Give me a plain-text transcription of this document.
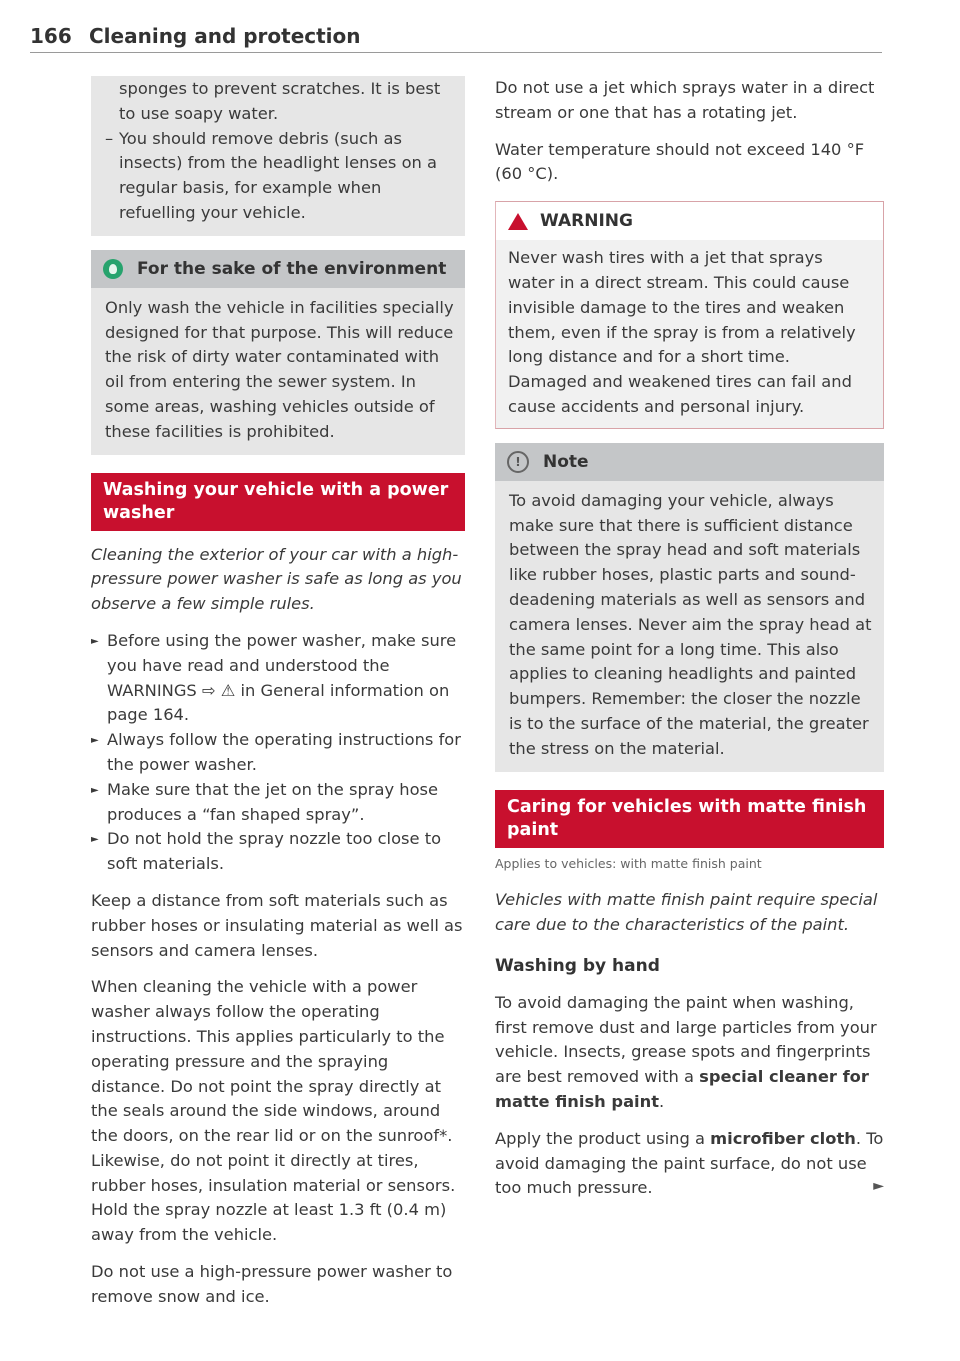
166 Cleaning and protection

sponges to prevent scratches. It is best to use soapy water.

– You should remove debris (such as insects) from the headlight lenses on a regular basis, for example when refuelling your vehicle.

For the sake of the environment

Only wash the vehicle in facilities specially designed for that purpose. This will reduce the risk of dirty water contaminated with oil from entering the sewer system. In some areas, washing vehicles outside of these facilities is prohibited.

Washing your vehicle with a power washer

Cleaning the exterior of your car with a high-pressure power washer is safe as long as you observe a few simple rules.

► Before using the power washer, make sure you have read and understood the WARNINGS ⇨ ⚠ in General information on page 164.

► Always follow the operating instructions for the power washer.

► Make sure that the jet on the spray hose produces a “fan shaped spray”.

► Do not hold the spray nozzle too close to soft materials.

Keep a distance from soft materials such as rubber hoses or insulating material as well as sensors and camera lenses.

When cleaning the vehicle with a power washer always follow the operating instructions. This applies particularly to the operating pressure and the spraying distance. Do not point the spray directly at the seals around the side windows, around the doors, on the rear lid or on the sunroof*. Likewise, do not point it directly at tires, rubber hoses, insulation material or sensors. Hold the spray nozzle at least 1.3 ft (0.4 m) away from the vehicle.

Do not use a high-pressure power washer to remove snow and ice.

Do not use a jet which sprays water in a direct stream or one that has a rotating jet.

Water temperature should not exceed 140 °F (60 °C).

WARNING

Never wash tires with a jet that sprays water in a direct stream. This could cause invisible damage to the tires and weaken them, even if the spray is from a relatively long distance and for a short time. Damaged and weakened tires can fail and cause accidents and personal injury.

!	Note

To avoid damaging your vehicle, always make sure that there is sufficient distance between the spray head and soft materials like rubber hoses, plastic parts and sound-deadening materials as well as sensors and camera lenses. Never aim the spray head at the same point for a long time. This also applies to cleaning headlights and painted bumpers. Remember: the closer the nozzle is to the surface of the material, the greater the stress on the material.

Caring for vehicles with matte finish paint

Applies to vehicles: with matte finish paint

Vehicles with matte finish paint require special care due to the characteristics of the paint.

Washing by hand

To avoid damaging the paint when washing, first remove dust and large particles from your vehicle. Insects, grease spots and fingerprints are best removed with a special cleaner for matte finish paint.

Apply the product using a microfiber cloth. To avoid damaging the paint surface, do not use too much pressure.	►
